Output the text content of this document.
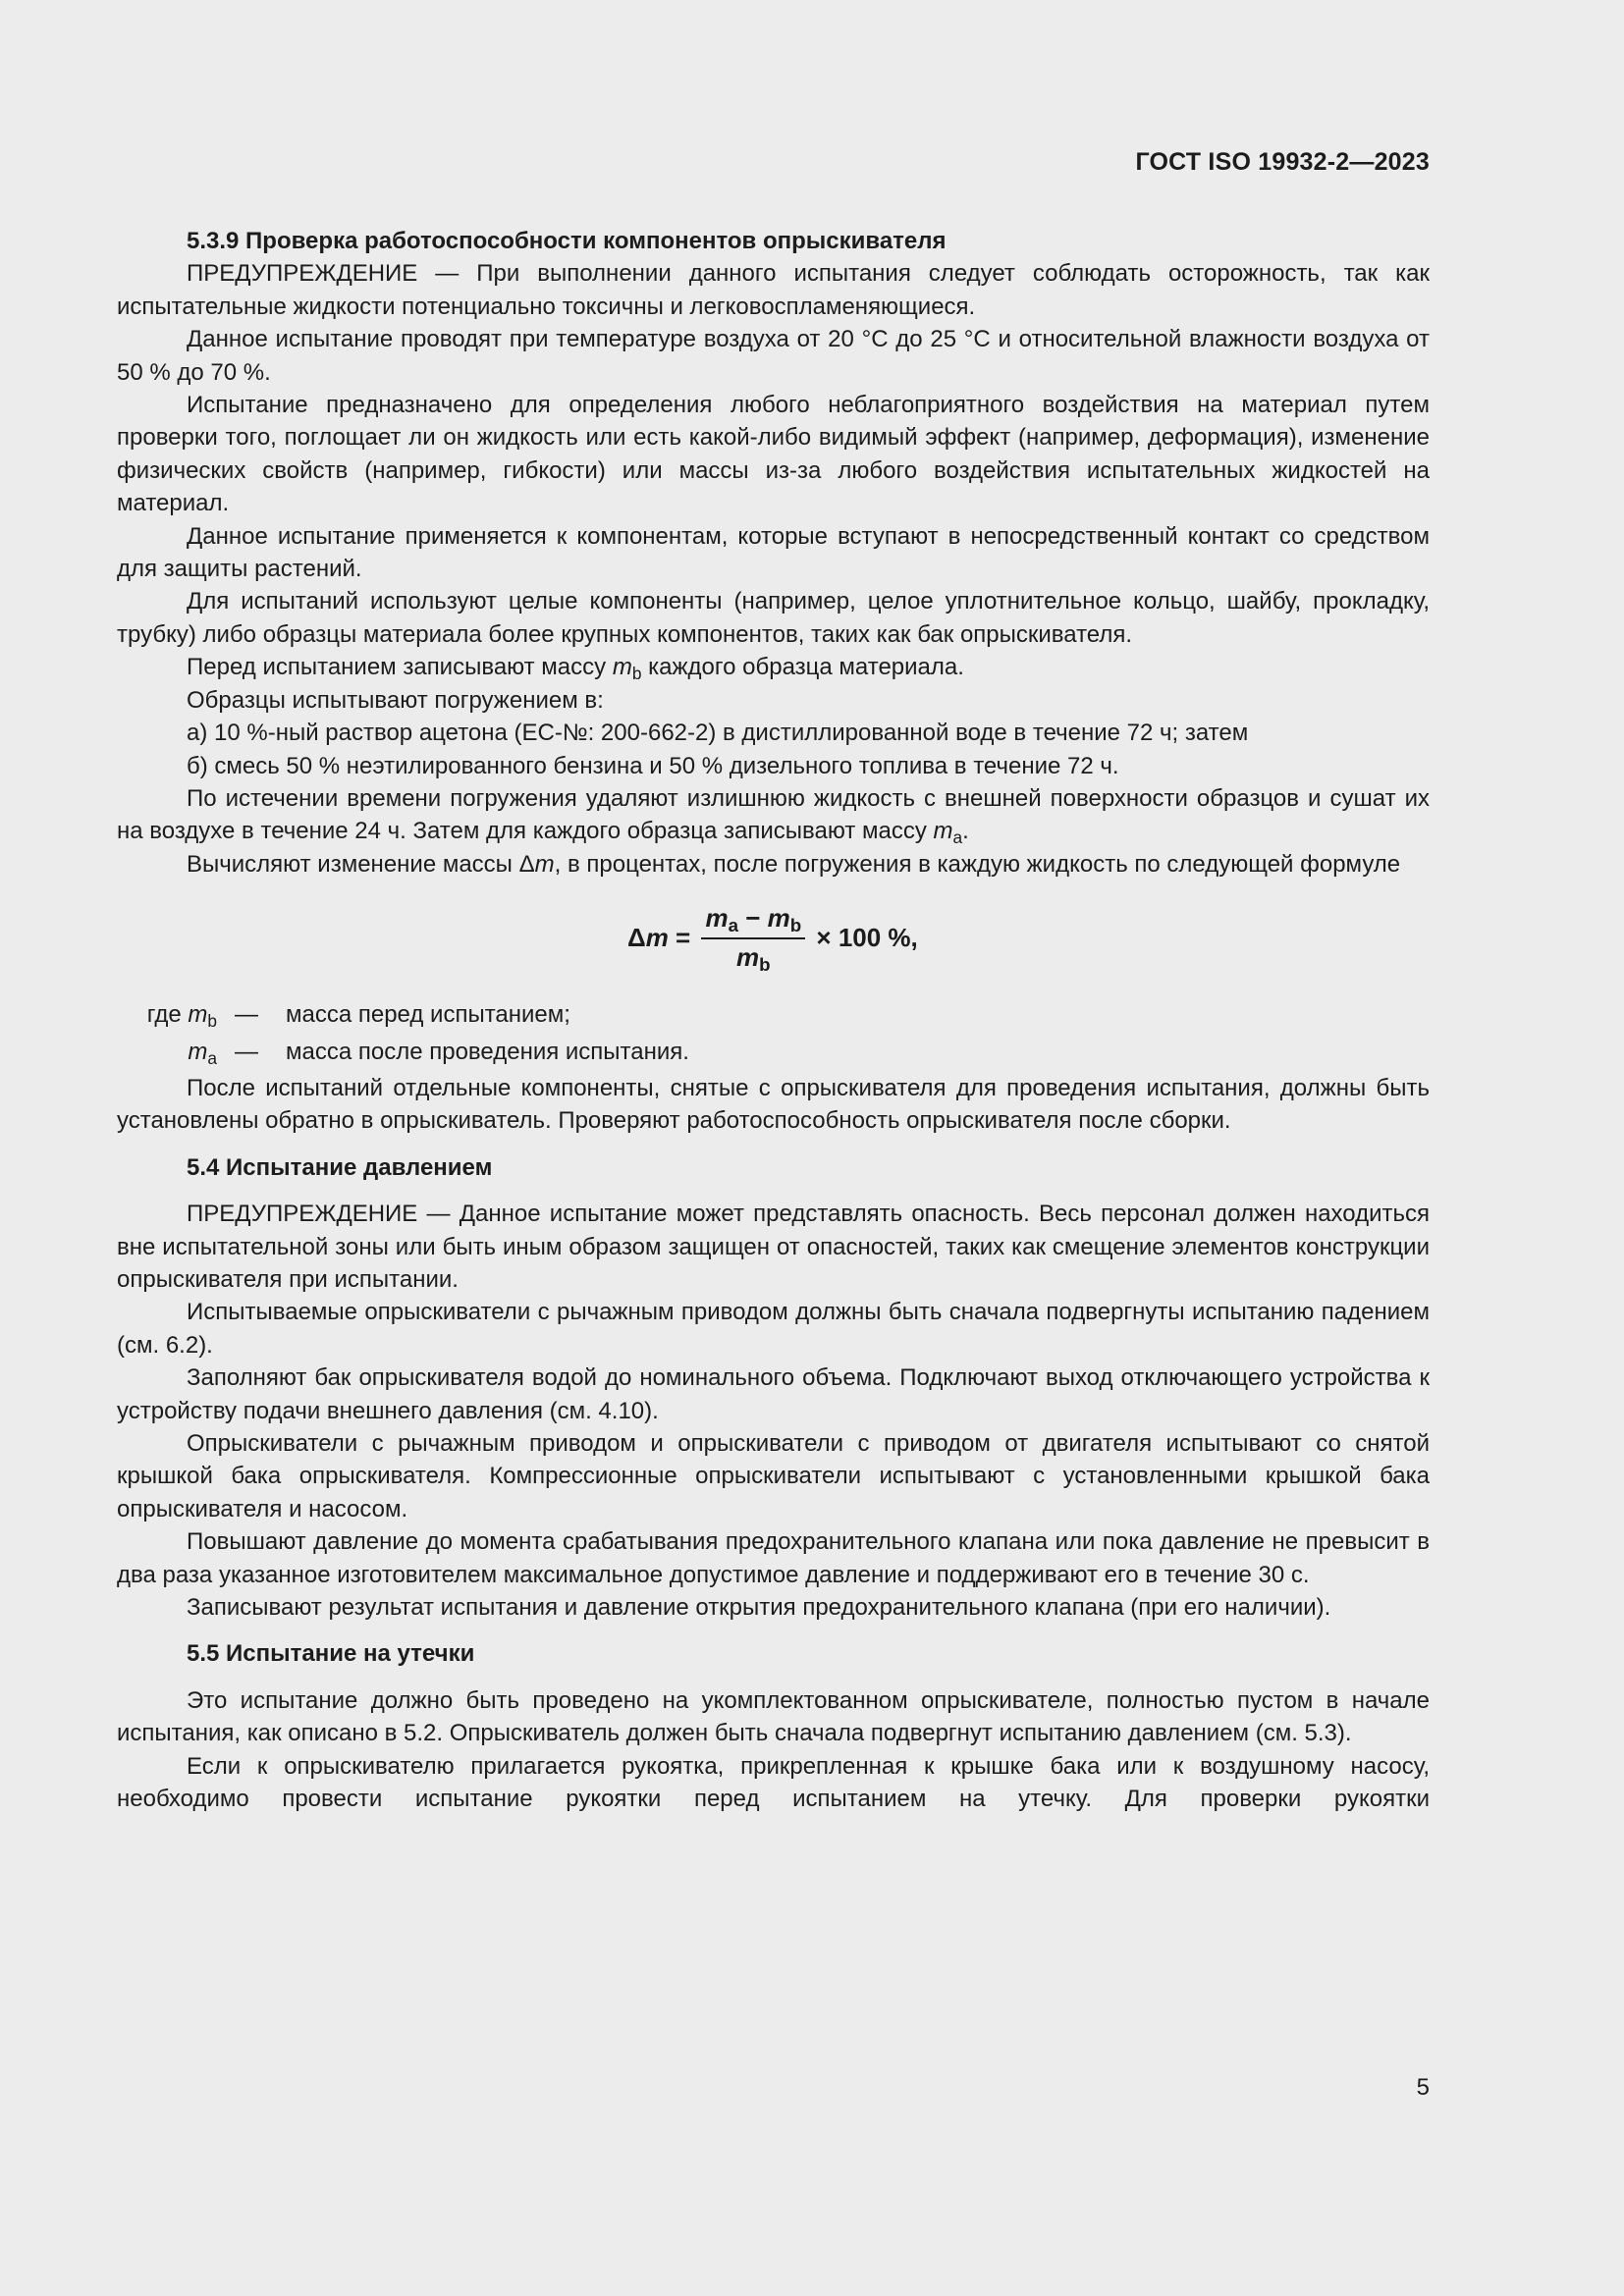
ГОСТ ISO 19932-2—2023
5.3.9 Проверка работоспособности компонентов опрыскивателя

ПРЕДУПРЕЖДЕНИЕ — При выполнении данного испытания следует соблюдать осторожность, так как испытательные жидкости потенциально токсичны и легковоспламеняющиеся.

Данное испытание проводят при температуре воздуха от 20 °C до 25 °C и относительной влажности воздуха от 50 % до 70 %.

Испытание предназначено для определения любого неблагоприятного воздействия на материал путем проверки того, поглощает ли он жидкость или есть какой-либо видимый эффект (например, деформация), изменение физических свойств (например, гибкости) или массы из-за любого воздействия испытательных жидкостей на материал.

Данное испытание применяется к компонентам, которые вступают в непосредственный контакт со средством для защиты растений.

Для испытаний используют целые компоненты (например, целое уплотнительное кольцо, шайбу, прокладку, трубку) либо образцы материала более крупных компонентов, таких как бак опрыскивателя.

Перед испытанием записывают массу $m_b$ каждого образца материала.

Образцы испытывают погружением в:

а) 10 %-ный раствор ацетона (EC-№: 200-662-2) в дистиллированной воде в течение 72 ч; затем

б) смесь 50 % неэтилированного бензина и 50 % дизельного топлива в течение 72 ч.

По истечении времени погружения удаляют излишнюю жидкость с внешней поверхности образцов и сушат их на воздухе в течение 24 ч. Затем для каждого образца записывают массу $m_a$.

Вычисляют изменение массы Δm, в процентах, после погружения в каждую жидкость по следующей формуле

Δ $m = \frac{m_a - m_b}{m_b} \times 100$ %,
где $m_b$ —	масса перед испытанием;
$m_a$ —	масса после проведения испытания.

После испытаний отдельные компоненты, снятые с опрыскивателя для проведения испытания, должны быть установлены обратно в опрыскиватель. Проверяют работоспособность опрыскивателя после сборки.

5.4 Испытание давлением

ПРЕДУПРЕЖДЕНИЕ — Данное испытание может представлять опасность. Весь персонал должен находиться вне испытательной зоны или быть иным образом защищен от опасностей, таких как смещение элементов конструкции опрыскивателя при испытании.

Испытываемые опрыскиватели с рычажным приводом должны быть сначала подвергнуты испытанию падением (см. 6.2).

Заполняют бак опрыскивателя водой до номинального объема. Подключают выход отключающего устройства к устройству подачи внешнего давления (см. 4.10).

Опрыскиватели с рычажным приводом и опрыскиватели с приводом от двигателя испытывают со снятой крышкой бака опрыскивателя. Компрессионные опрыскиватели испытывают с установленными крышкой бака опрыскивателя и насосом.

Повышают давление до момента срабатывания предохранительного клапана или пока давление не превысит в два раза указанное изготовителем максимальное допустимое давление и поддерживают его в течение 30 с.

Записывают результат испытания и давление открытия предохранительного клапана (при его наличии).

5.5 Испытание на утечки

Это испытание должно быть проведено на укомплектованном опрыскивателе, полностью пустом в начале испытания, как описано в 5.2. Опрыскиватель должен быть сначала подвергнут испытанию давлением (см. 5.3).

Если к опрыскивателю прилагается рукоятка, прикрепленная к крышке бака или к воздушному насосу, необходимо провести испытание рукоятки перед испытанием на утечку. Для проверки рукоятки

5
